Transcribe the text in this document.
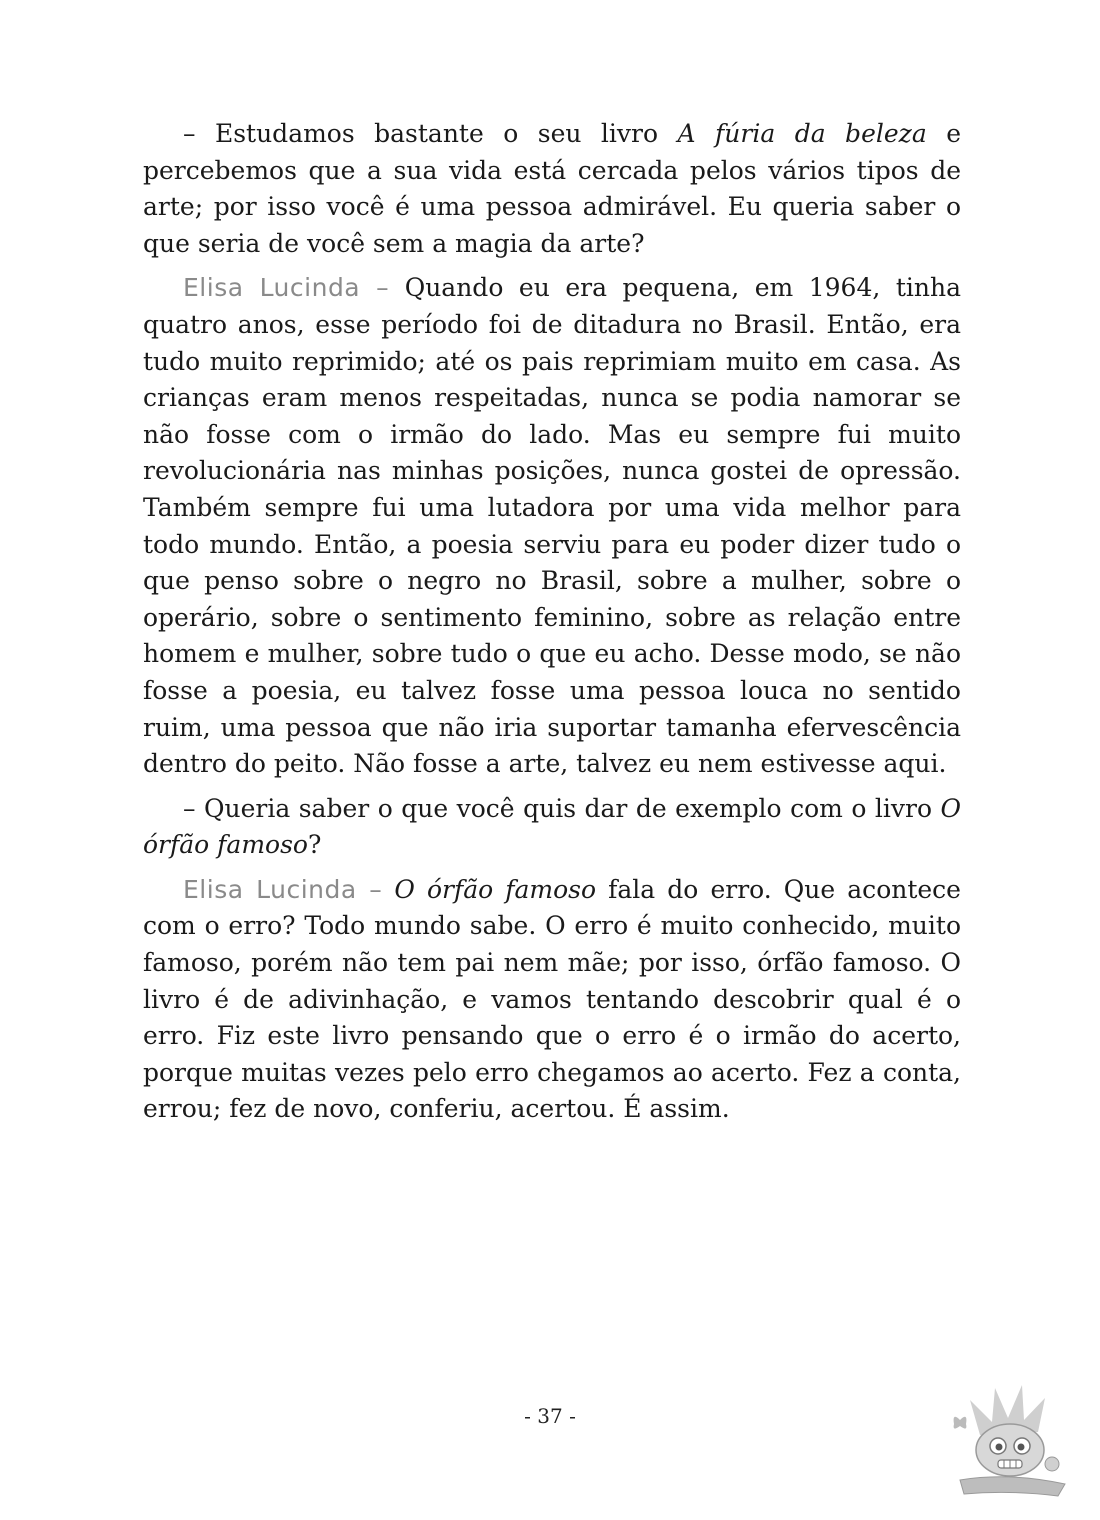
– Estudamos bastante o seu livro A fúria da beleza e percebemos que a sua vida está cercada pelos vários tipos de arte; por isso você é uma pessoa admirável. Eu queria saber o que seria de você sem a magia da arte?

Elisa Lucinda – Quando eu era pequena, em 1964, tinha quatro anos, esse período foi de ditadura no Brasil. Então, era tudo muito reprimido; até os pais reprimiam muito em casa. As crianças eram menos respeitadas, nunca se podia namorar se não fosse com o irmão do lado. Mas eu sempre fui muito revolucionária nas minhas posições, nunca gostei de opressão. Também sempre fui uma lutadora por uma vida melhor para todo mundo. Então, a poesia serviu para eu poder dizer tudo o que penso sobre o negro no Brasil, sobre a mulher, sobre o operário, sobre o sentimento feminino, sobre as relação entre homem e mulher, sobre tudo o que eu acho. Desse modo, se não fosse a poesia, eu talvez fosse uma pessoa louca no sentido ruim, uma pessoa que não iria suportar tamanha efervescência dentro do peito. Não fosse a arte, talvez eu nem estivesse aqui.

– Queria saber o que você quis dar de exemplo com o livro O órfão famoso?

Elisa Lucinda – O órfão famoso fala do erro. Que acontece com o erro? Todo mundo sabe. O erro é muito conhecido, muito famoso, porém não tem pai nem mãe; por isso, órfão famoso. O livro é de adivinhação, e vamos tentando descobrir qual é o erro. Fiz este livro pensando que o erro é o irmão do acerto, porque muitas vezes pelo erro chegamos ao acerto. Fez a conta, errou; fez de novo, conferiu, acertou. É assim.

- 37 -
